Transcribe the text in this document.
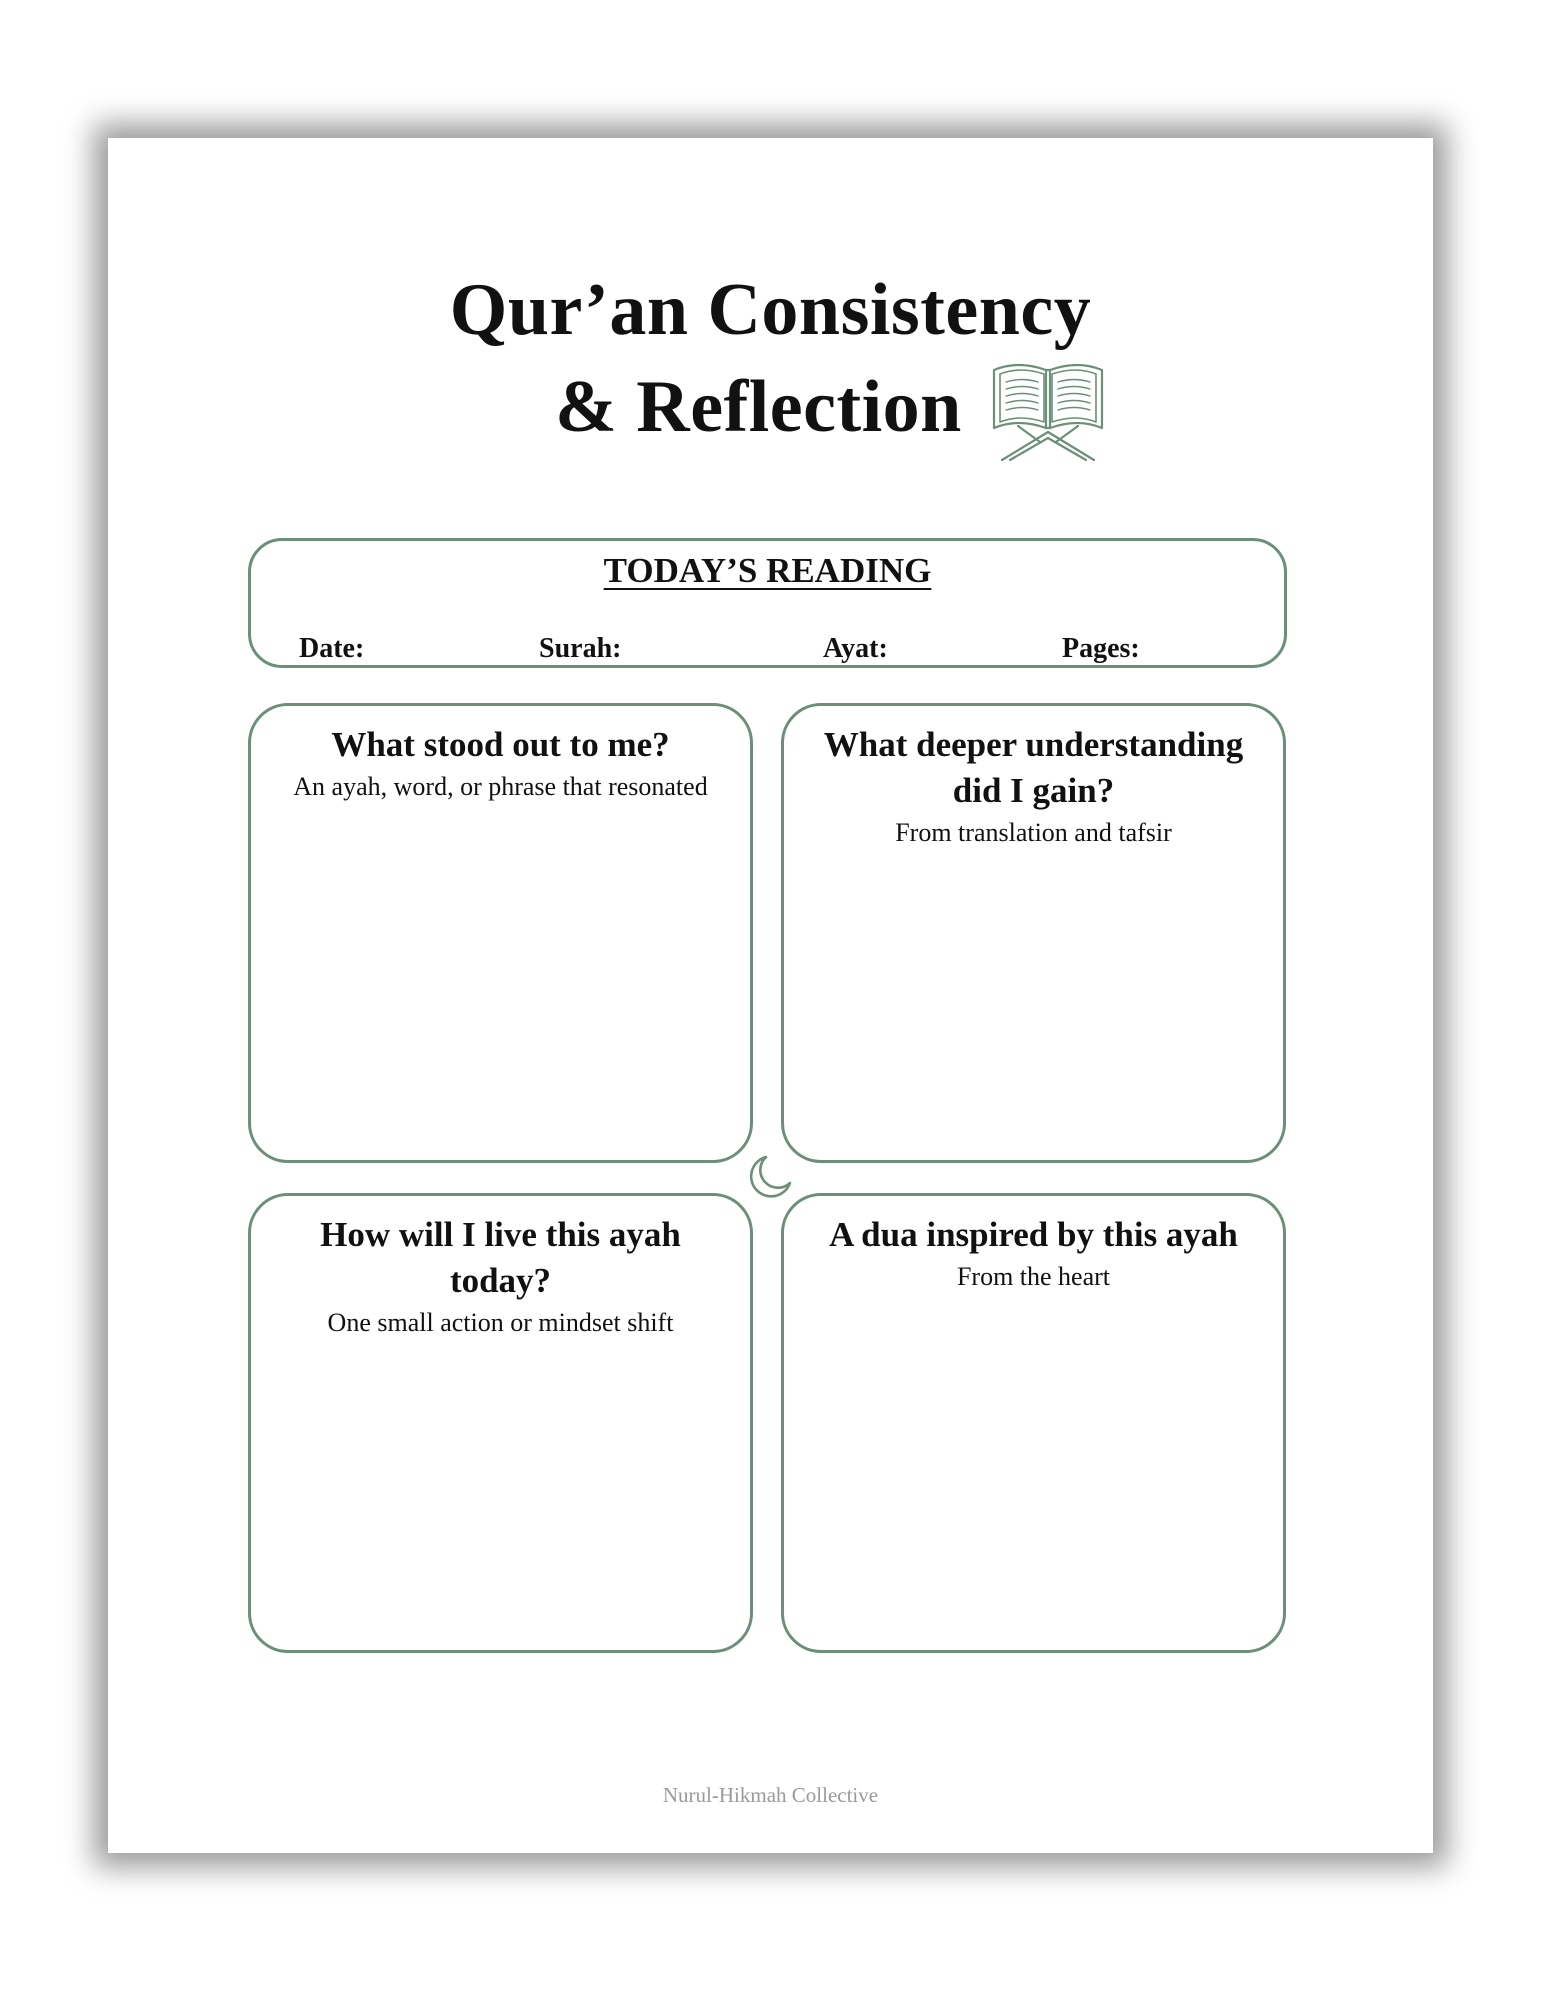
Qur’an Consistency
& Reflection
TODAY’S READING
Date:	Surah:	Ayat:	Pages:
What stood out to me?
An ayah, word, or phrase that resonated
What deeper understanding did I gain?
From translation and tafsir
How will I live this ayah today?
One small action or mindset shift
A dua inspired by this ayah
From the heart
Nurul-Hikmah Collective
